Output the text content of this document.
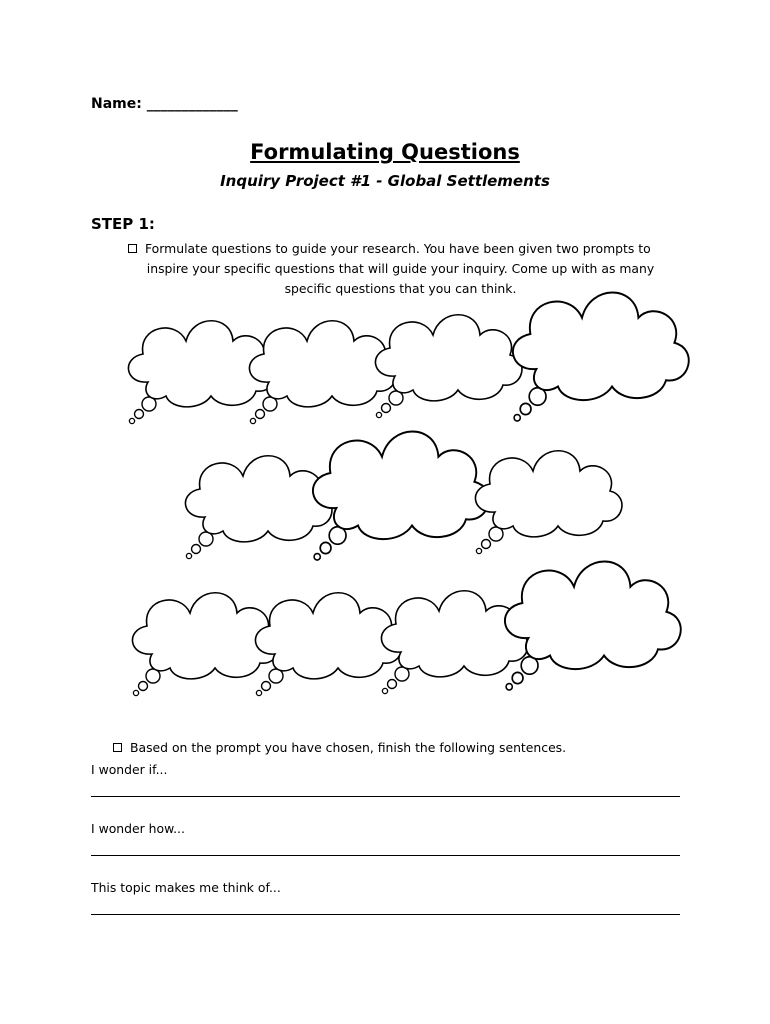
Name: _____________
Formulating Questions
Inquiry Project #1 - Global Settlements
STEP 1:
Formulate questions to guide your research. You have been given two prompts to
inspire your specific questions that will guide your inquiry. Come up with as many
specific questions that you can think.
Based on the prompt you have chosen, finish the following sentences.
I wonder if...
I wonder how...
This topic makes me think of...
